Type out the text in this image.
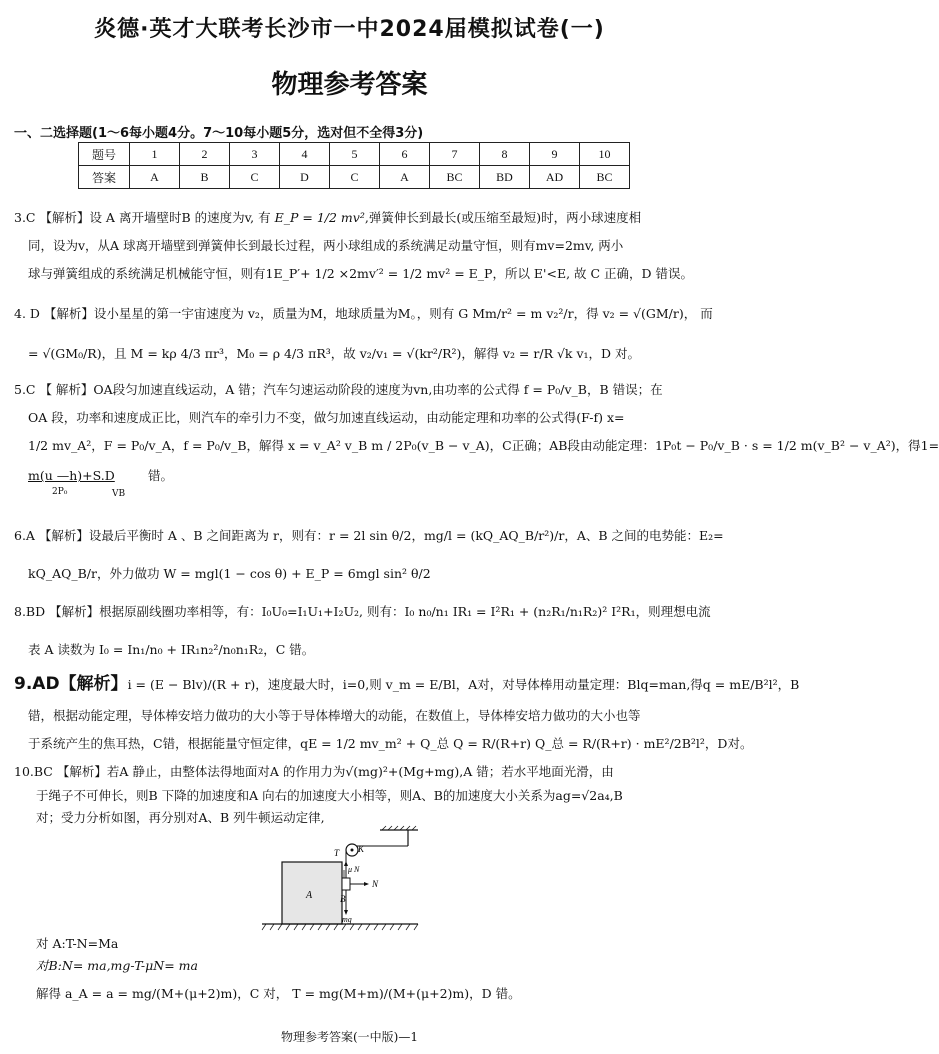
炎德·英才大联考长沙市一中2024届模拟试卷(一)
物理参考答案
一、二选择题(1～6每小题4分。7～10每小题5分，选对但不全得3分)
题号	1	2	3	4	5	6	7	8	9	10
答案	A	B	C	D	C	A	BC	BD	AD	BC
3.C 【解析】设 A 离开墙壁时B 的速度为v, 有 E_P = 1/2 mv²,弹簧伸长到最长(或压缩至最短)时，两小球速度相
同，设为v，从A 球离开墙壁到弹簧伸长到最长过程，两小球组成的系统满足动量守恒，则有mv=2mv, 两小
球与弹簧组成的系统满足机械能守恒，则有1E_P′+ 1/2 ×2mv′² = 1/2 mv² = E_P，所以 E'<E, 故 C 正确，D 错误。
4. D 【解析】设小星星的第一宇宙速度为 v₂，质量为M，地球质量为M。，则有 G Mm/r² = m v₂²/r，得 v₂ = √(GM/r)， 而
= √(GM₀/R)，且 M = kρ 4/3 πr³，M₀ = ρ 4/3 πR³，故 v₂/v₁ = √(kr²/R²)，解得 v₂ = r/R √k v₁，D 对。
5.C 【 解析】OA段匀加速直线运动，A 错；汽车匀速运动阶段的速度为vn,由功率的公式得 f = P₀/v_B，B 错误；在
OA 段，功率和速度成正比，则汽车的牵引力不变，做匀加速直线运动，由动能定理和功率的公式得(F-f) x=
1/2 mv_A²，F = P₀/v_A，f = P₀/v_B，解得 x = v_A² v_B m / 2P₀(v_B − v_A)，C正确；AB段由动能定理：1P₀t − P₀/v_B · s = 1/2 m(v_B² − v_A²)，得1=
m(u —h)+S.D	错。
2P₀	VB
6.A 【解析】设最后平衡时 A 、B 之间距离为 r，则有：r = 2l sin θ/2，mg/l = (kQ_AQ_B/r²)/r，A、B 之间的电势能：E₂=
kQ_AQ_B/r，外力做功 W = mgl(1 − cos θ) + E_P = 6mgl sin² θ/2
8.BD 【解析】根据原副线圈功率相等，有：I₀U₀=I₁U₁+I₂U₂, 则有：I₀ n₀/n₁ IR₁ = I²R₁ + (n₂R₁/n₁R₂)² I²R₁，则理想电流
表 A 读数为 I₀ = In₁/n₀ + IR₁n₂²/n₀n₁R₂，C 错。
9.AD【解析】i = (E − Blv)/(R + r)，速度最大时，i=0,则 v_m = E/Bl，A对，对导体棒用动量定理：Blq=man,得q = mE/B²l²，B
错，根据动能定理，导体棒安培力做功的大小等于导体棒增大的动能，在数值上，导体棒安培力做功的大小也等
于系统产生的焦耳热，C错，根据能量守恒定律，qE = 1/2 mv_m² + Q_总 Q = R/(R+r) Q_总 = R/(R+r) · mE²/2B²l²，D对。
10.BC 【解析】若A 静止，由整体法得地面对A 的作用力为√(mg)²+(Mg+mg),A 错；若水平地面光滑，由
于绳子不可伸长，则B 下降的加速度和A 向右的加速度大小相等，则A、B的加速度大小关系为ag=√2a₄,B
对；受力分析如图，再分别对A、B 列牛顿运动定律,
A	B
K
T
μ N
N
mg
对 A:T-N=Ma
对B:N= ma,mg-T-μN= ma
解得 a_A = a = mg/(M+(μ+2)m)，C 对， T = mg(M+m)/(M+(μ+2)m)，D 错。
物理参考答案(一中版)—1
